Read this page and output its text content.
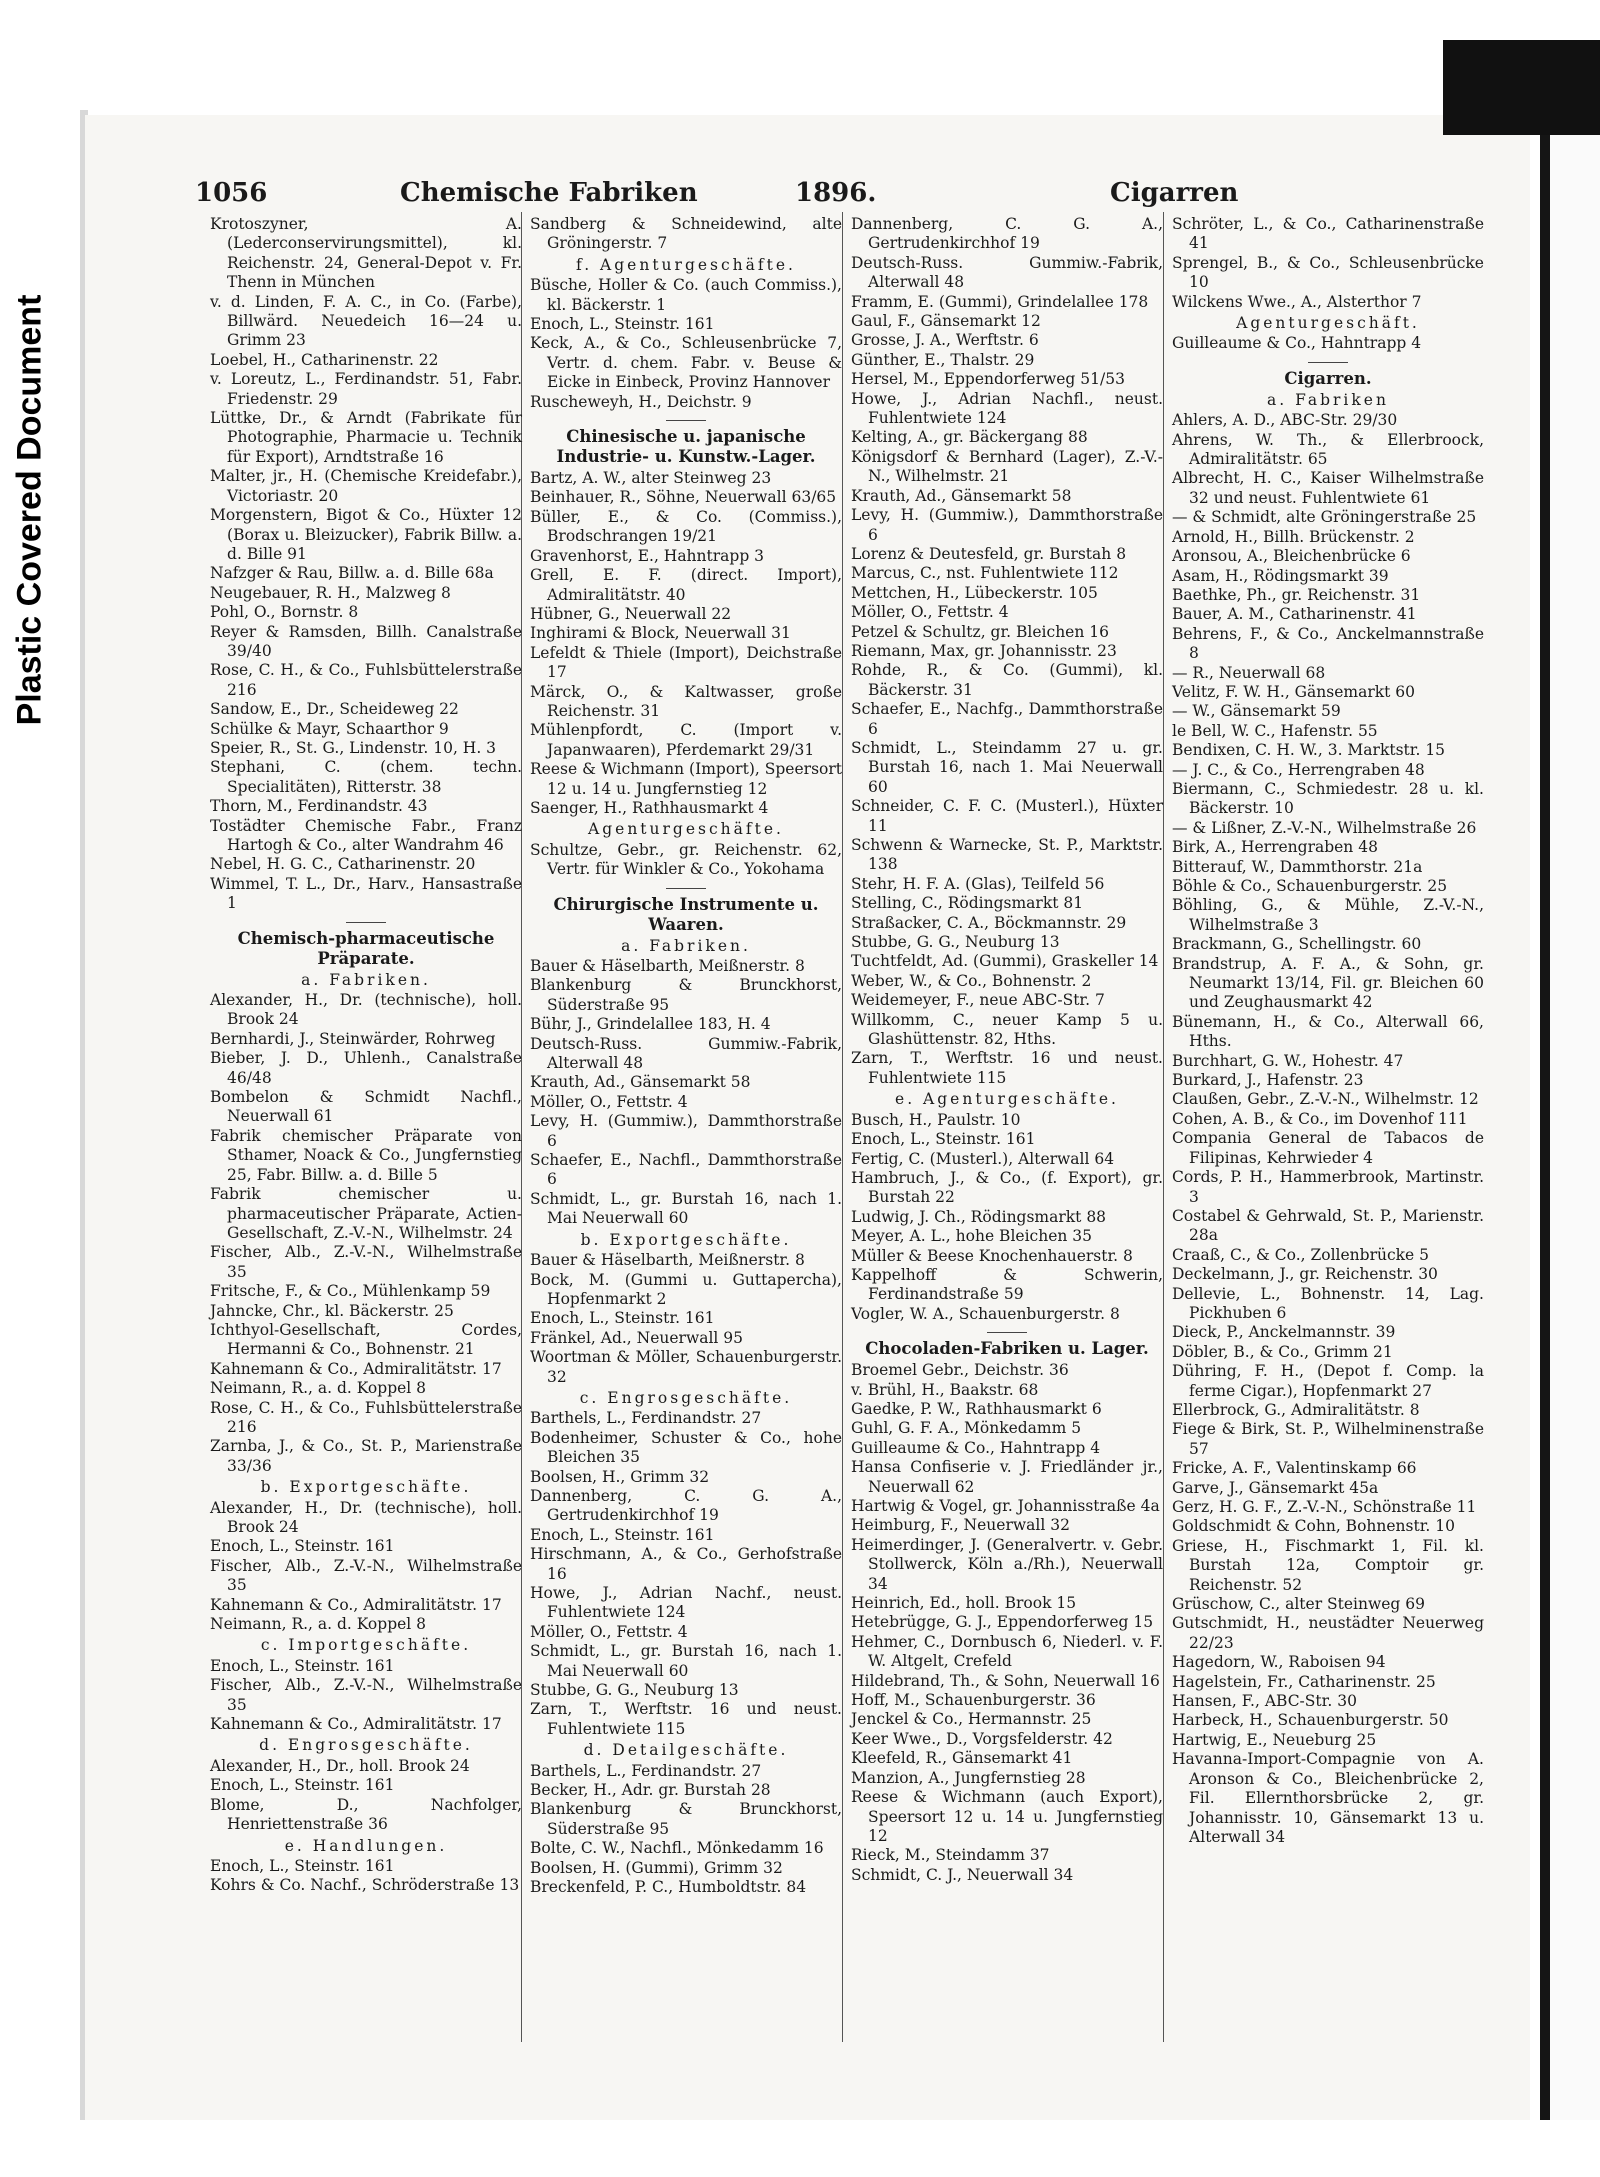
Plastic Covered Document
1056	Chemische Fabriken	1896.	Cigarren
Krotoszyner, A. (Lederconservirungsmittel), kl. Reichenstr. 24, General-Depot v. Fr. Thenn in München
v. d. Linden, F. A. C., in Co. (Farbe), Billwärd. Neuedeich 16—24 u. Grimm 23
Loebel, H., Catharinenstr. 22
v. Loreutz, L., Ferdinandstr. 51, Fabr. Friedenstr. 29
Lüttke, Dr., & Arndt (Fabrikate für Photographie, Pharmacie u. Technik für Export), Arndtstraße 16
Malter, jr., H. (Chemische Kreidefabr.), Victoriastr. 20
Morgenstern, Bigot & Co., Hüxter 12 (Borax u. Bleizucker), Fabrik Billw. a. d. Bille 91
Nafzger & Rau, Billw. a. d. Bille 68a
Neugebauer, R. H., Malzweg 8
Pohl, O., Bornstr. 8
Reyer & Ramsden, Billh. Canalstraße 39/40
Rose, C. H., & Co., Fuhlsbüttelerstraße 216
Sandow, E., Dr., Scheideweg 22
Schülke & Mayr, Schaarthor 9
Speier, R., St. G., Lindenstr. 10, H. 3
Stephani, C. (chem. techn. Specialitäten), Ritterstr. 38
Thorn, M., Ferdinandstr. 43
Tostädter Chemische Fabr., Franz Hartogh & Co., alter Wandrahm 46
Nebel, H. G. C., Catharinenstr. 20
Wimmel, T. L., Dr., Harv., Hansastraße 1
Chemisch-pharmaceutische Präparate.
a. Fabriken.
Alexander, H., Dr. (technische), holl. Brook 24
Bernhardi, J., Steinwärder, Rohrweg
Bieber, J. D., Uhlenh., Canalstraße 46/48
Bombelon & Schmidt Nachfl., Neuerwall 61
Fabrik chemischer Präparate von Sthamer, Noack & Co., Jungfernstieg 25, Fabr. Billw. a. d. Bille 5
Fabrik chemischer u. pharmaceutischer Präparate, Actien-Gesellschaft, Z.-V.-N., Wilhelmstr. 24
Fischer, Alb., Z.-V.-N., Wilhelmstraße 35
Fritsche, F., & Co., Mühlenkamp 59
Jahncke, Chr., kl. Bäckerstr. 25
Ichthyol-Gesellschaft, Cordes, Hermanni & Co., Bohnenstr. 21
Kahnemann & Co., Admiralitätstr. 17
Neimann, R., a. d. Koppel 8
Rose, C. H., & Co., Fuhlsbüttelerstraße 216
Zarnba, J., & Co., St. P., Marienstraße 33/36
b. Exportgeschäfte.
Alexander, H., Dr. (technische), holl. Brook 24
Enoch, L., Steinstr. 161
Fischer, Alb., Z.-V.-N., Wilhelmstraße 35
Kahnemann & Co., Admiralitätstr. 17
Neimann, R., a. d. Koppel 8
c. Importgeschäfte.
Enoch, L., Steinstr. 161
Fischer, Alb., Z.-V.-N., Wilhelmstraße 35
Kahnemann & Co., Admiralitätstr. 17
d. Engrosgeschäfte.
Alexander, H., Dr., holl. Brook 24
Enoch, L., Steinstr. 161
Blome, D., Nachfolger, Henriettenstraße 36
e. Handlungen.
Enoch, L., Steinstr. 161
Kohrs & Co. Nachf., Schröderstraße 13
Sandberg & Schneidewind, alte Gröningerstr. 7
f. Agenturgeschäfte.
Büsche, Holler & Co. (auch Commiss.), kl. Bäckerstr. 1
Enoch, L., Steinstr. 161
Keck, A., & Co., Schleusenbrücke 7, Vertr. d. chem. Fabr. v. Beuse & Eicke in Einbeck, Provinz Hannover
Ruscheweyh, H., Deichstr. 9
Chinesische u. japanische Industrie- u. Kunstw.-Lager.
Bartz, A. W., alter Steinweg 23
Beinhauer, R., Söhne, Neuerwall 63/65
Büller, E., & Co. (Commiss.), Brodschrangen 19/21
Gravenhorst, E., Hahntrapp 3
Grell, E. F. (direct. Import), Admiralitätstr. 40
Hübner, G., Neuerwall 22
Inghirami & Block, Neuerwall 31
Lefeldt & Thiele (Import), Deichstraße 17
Märck, O., & Kaltwasser, große Reichenstr. 31
Mühlenpfordt, C. (Import v. Japanwaaren), Pferdemarkt 29/31
Reese & Wichmann (Import), Speersort 12 u. 14 u. Jungfernstieg 12
Saenger, H., Rathhausmarkt 4
Agenturgeschäfte.
Schultze, Gebr., gr. Reichenstr. 62, Vertr. für Winkler & Co., Yokohama
Chirurgische Instrumente u. Waaren.
a. Fabriken.
Bauer & Häselbarth, Meißnerstr. 8
Blankenburg & Brunckhorst, Süderstraße 95
Bühr, J., Grindelallee 183, H. 4
Deutsch-Russ. Gummiw.-Fabrik, Alterwall 48
Krauth, Ad., Gänsemarkt 58
Möller, O., Fettstr. 4
Levy, H. (Gummiw.), Dammthorstraße 6
Schaefer, E., Nachfl., Dammthorstraße 6
Schmidt, L., gr. Burstah 16, nach 1. Mai Neuerwall 60
b. Exportgeschäfte.
Bauer & Häselbarth, Meißnerstr. 8
Bock, M. (Gummi u. Guttapercha), Hopfenmarkt 2
Enoch, L., Steinstr. 161
Fränkel, Ad., Neuerwall 95
Woortman & Möller, Schauenburgerstr. 32
c. Engrosgeschäfte.
Barthels, L., Ferdinandstr. 27
Bodenheimer, Schuster & Co., hohe Bleichen 35
Boolsen, H., Grimm 32
Dannenberg, C. G. A., Gertrudenkirchhof 19
Enoch, L., Steinstr. 161
Hirschmann, A., & Co., Gerhofstraße 16
Howe, J., Adrian Nachf., neust. Fuhlentwiete 124
Möller, O., Fettstr. 4
Schmidt, L., gr. Burstah 16, nach 1. Mai Neuerwall 60
Stubbe, G. G., Neuburg 13
Zarn, T., Werftstr. 16 und neust. Fuhlentwiete 115
d. Detailgeschäfte.
Barthels, L., Ferdinandstr. 27
Becker, H., Adr. gr. Burstah 28
Blankenburg & Brunckhorst, Süderstraße 95
Bolte, C. W., Nachfl., Mönkedamm 16
Boolsen, H. (Gummi), Grimm 32
Breckenfeld, P. C., Humboldtstr. 84
Dannenberg, C. G. A., Gertrudenkirchhof 19
Deutsch-Russ. Gummiw.-Fabrik, Alterwall 48
Framm, E. (Gummi), Grindelallee 178
Gaul, F., Gänsemarkt 12
Grosse, J. A., Werftstr. 6
Günther, E., Thalstr. 29
Hersel, M., Eppendorferweg 51/53
Howe, J., Adrian Nachfl., neust. Fuhlentwiete 124
Kelting, A., gr. Bäckergang 88
Königsdorf & Bernhard (Lager), Z.-V.-N., Wilhelmstr. 21
Krauth, Ad., Gänsemarkt 58
Levy, H. (Gummiw.), Dammthorstraße 6
Lorenz & Deutesfeld, gr. Burstah 8
Marcus, C., nst. Fuhlentwiete 112
Mettchen, H., Lübeckerstr. 105
Möller, O., Fettstr. 4
Petzel & Schultz, gr. Bleichen 16
Riemann, Max, gr. Johannisstr. 23
Rohde, R., & Co. (Gummi), kl. Bäckerstr. 31
Schaefer, E., Nachfg., Dammthorstraße 6
Schmidt, L., Steindamm 27 u. gr. Burstah 16, nach 1. Mai Neuerwall 60
Schneider, C. F. C. (Musterl.), Hüxter 11
Schwenn & Warnecke, St. P., Marktstr. 138
Stehr, H. F. A. (Glas), Teilfeld 56
Stelling, C., Rödingsmarkt 81
Straßacker, C. A., Böckmannstr. 29
Stubbe, G. G., Neuburg 13
Tuchtfeldt, Ad. (Gummi), Graskeller 14
Weber, W., & Co., Bohnenstr. 2
Weidemeyer, F., neue ABC-Str. 7
Willkomm, C., neuer Kamp 5 u. Glashüttenstr. 82, Hths.
Zarn, T., Werftstr. 16 und neust. Fuhlentwiete 115
e. Agenturgeschäfte.
Busch, H., Paulstr. 10
Enoch, L., Steinstr. 161
Fertig, C. (Musterl.), Alterwall 64
Hambruch, J., & Co., (f. Export), gr. Burstah 22
Ludwig, J. Ch., Rödingsmarkt 88
Meyer, A. L., hohe Bleichen 35
Müller & Beese Knochenhauerstr. 8
Kappelhoff & Schwerin, Ferdinandstraße 59
Vogler, W. A., Schauenburgerstr. 8
Chocoladen-Fabriken u. Lager.
Broemel Gebr., Deichstr. 36
v. Brühl, H., Baakstr. 68
Gaedke, P. W., Rathhausmarkt 6
Guhl, G. F. A., Mönkedamm 5
Guilleaume & Co., Hahntrapp 4
Hansa Confiserie v. J. Friedländer jr., Neuerwall 62
Hartwig & Vogel, gr. Johannisstraße 4a
Heimburg, F., Neuerwall 32
Heimerdinger, J. (Generalvertr. v. Gebr. Stollwerck, Köln a./Rh.), Neuerwall 34
Heinrich, Ed., holl. Brook 15
Hetebrügge, G. J., Eppendorferweg 15
Hehmer, C., Dornbusch 6, Niederl. v. F. W. Altgelt, Crefeld
Hildebrand, Th., & Sohn, Neuerwall 16
Hoff, M., Schauenburgerstr. 36
Jenckel & Co., Hermannstr. 25
Keer Wwe., D., Vorgsfelderstr. 42
Kleefeld, R., Gänsemarkt 41
Manzion, A., Jungfernstieg 28
Reese & Wichmann (auch Export), Speersort 12 u. 14 u. Jungfernstieg 12
Rieck, M., Steindamm 37
Schmidt, C. J., Neuerwall 34
Schröter, L., & Co., Catharinenstraße 41
Sprengel, B., & Co., Schleusenbrücke 10
Wilckens Wwe., A., Alsterthor 7
Agenturgeschäft.
Guilleaume & Co., Hahntrapp 4
Cigarren.
a. Fabriken
Ahlers, A. D., ABC-Str. 29/30
Ahrens, W. Th., & Ellerbroock, Admiralitätstr. 65
Albrecht, H. C., Kaiser Wilhelmstraße 32 und neust. Fuhlentwiete 61
— & Schmidt, alte Gröningerstraße 25
Arnold, H., Billh. Brückenstr. 2
Aronsou, A., Bleichenbrücke 6
Asam, H., Rödingsmarkt 39
Baethke, Ph., gr. Reichenstr. 31
Bauer, A. M., Catharinenstr. 41
Behrens, F., & Co., Anckelmannstraße 8
— R., Neuerwall 68
Velitz, F. W. H., Gänsemarkt 60
— W., Gänsemarkt 59
le Bell, W. C., Hafenstr. 55
Bendixen, C. H. W., 3. Marktstr. 15
— J. C., & Co., Herrengraben 48
Biermann, C., Schmiedestr. 28 u. kl. Bäckerstr. 10
— & Lißner, Z.-V.-N., Wilhelmstraße 26
Birk, A., Herrengraben 48
Bitterauf, W., Dammthorstr. 21a
Böhle & Co., Schauenburgerstr. 25
Böhling, G., & Mühle, Z.-V.-N., Wilhelmstraße 3
Brackmann, G., Schellingstr. 60
Brandstrup, A. F. A., & Sohn, gr. Neumarkt 13/14, Fil. gr. Bleichen 60 und Zeughausmarkt 42
Bünemann, H., & Co., Alterwall 66, Hths.
Burchhart, G. W., Hohestr. 47
Burkard, J., Hafenstr. 23
Claußen, Gebr., Z.-V.-N., Wilhelmstr. 12
Cohen, A. B., & Co., im Dovenhof 111
Compania General de Tabacos de Filipinas, Kehrwieder 4
Cords, P. H., Hammerbrook, Martinstr. 3
Costabel & Gehrwald, St. P., Marienstr. 28a
Craaß, C., & Co., Zollenbrücke 5
Deckelmann, J., gr. Reichenstr. 30
Dellevie, L., Bohnenstr. 14, Lag. Pickhuben 6
Dieck, P., Anckelmannstr. 39
Döbler, B., & Co., Grimm 21
Dühring, F. H., (Depot f. Comp. la ferme Cigar.), Hopfenmarkt 27
Ellerbrock, G., Admiralitätstr. 8
Fiege & Birk, St. P., Wilhelminenstraße 57
Fricke, A. F., Valentinskamp 66
Garve, J., Gänsemarkt 45a
Gerz, H. G. F., Z.-V.-N., Schönstraße 11
Goldschmidt & Cohn, Bohnenstr. 10
Griese, H., Fischmarkt 1, Fil. kl. Burstah 12a, Comptoir gr. Reichenstr. 52
Grüschow, C., alter Steinweg 69
Gutschmidt, H., neustädter Neuerweg 22/23
Hagedorn, W., Raboisen 94
Hagelstein, Fr., Catharinenstr. 25
Hansen, F., ABC-Str. 30
Harbeck, H., Schauenburgerstr. 50
Hartwig, E., Neueburg 25
Havanna-Import-Compagnie von A. Aronson & Co., Bleichenbrücke 2, Fil. Ellernthorsbrücke 2, gr. Johannisstr. 10, Gänsemarkt 13 u. Alterwall 34
